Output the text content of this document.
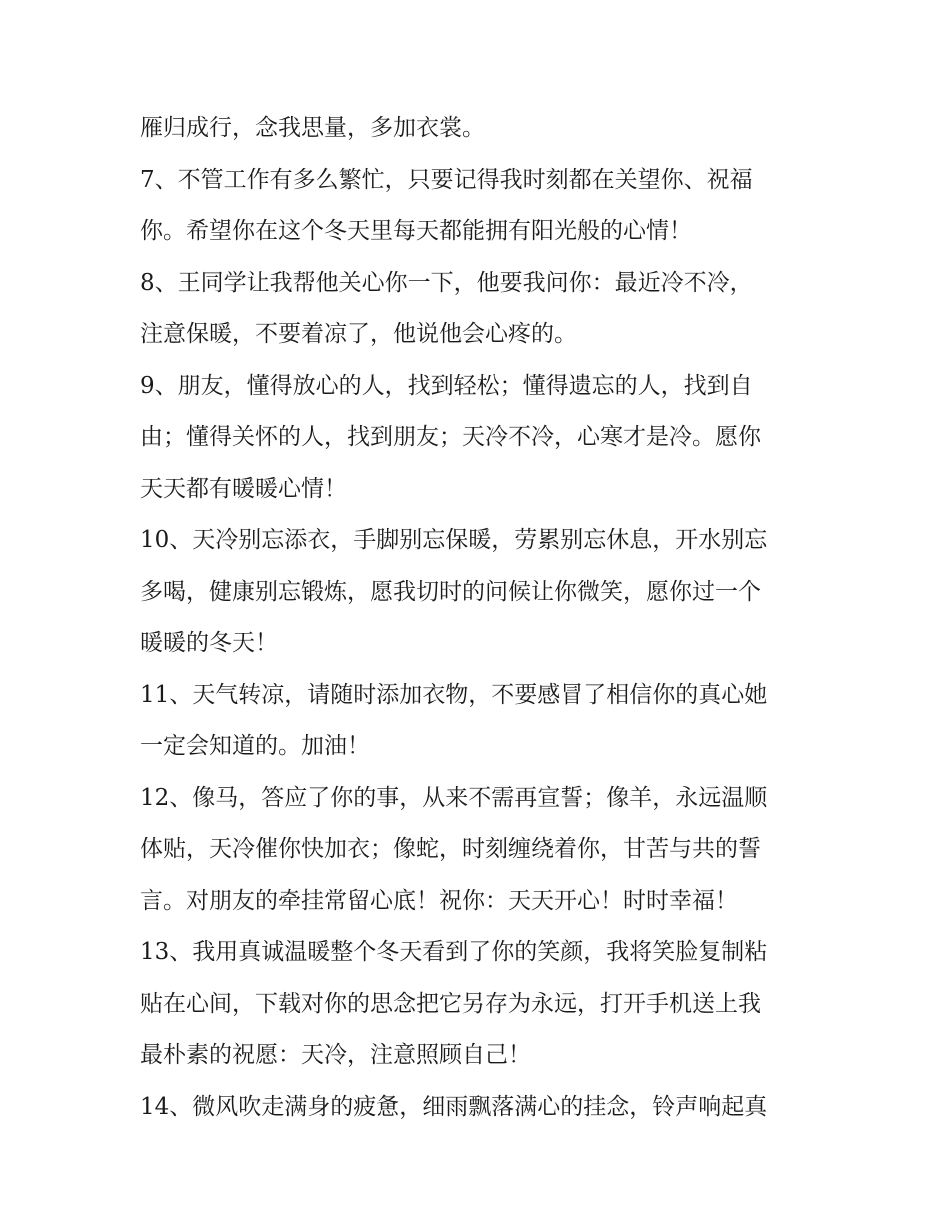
雁归成行，念我思量，多加衣裳。
7、不管工作有多么繁忙，只要记得我时刻都在关望你、祝福
你。希望你在这个冬天里每天都能拥有阳光般的心情！
8、王同学让我帮他关心你一下，他要我问你：最近冷不冷，
注意保暖，不要着凉了，他说他会心疼的。
9、朋友，懂得放心的人，找到轻松；懂得遗忘的人，找到自
由；懂得关怀的人，找到朋友；天冷不冷，心寒才是冷。愿你
天天都有暖暖心情！
10、天冷别忘添衣，手脚别忘保暖，劳累别忘休息，开水别忘
多喝，健康别忘锻炼，愿我切时的问候让你微笑，愿你过一个
暖暖的冬天！
11、天气转凉，请随时添加衣物，不要感冒了相信你的真心她
一定会知道的。加油！
12、像马，答应了你的事，从来不需再宣誓；像羊，永远温顺
体贴，天冷催你快加衣；像蛇，时刻缠绕着你，甘苦与共的誓
言。对朋友的牵挂常留心底！祝你：天天开心！时时幸福！
13、我用真诚温暖整个冬天看到了你的笑颜，我将笑脸复制粘
贴在心间，下载对你的思念把它另存为永远，打开手机送上我
最朴素的祝愿：天冷，注意照顾自己！
14、微风吹走满身的疲惫，细雨飘落满心的挂念，铃声响起真
